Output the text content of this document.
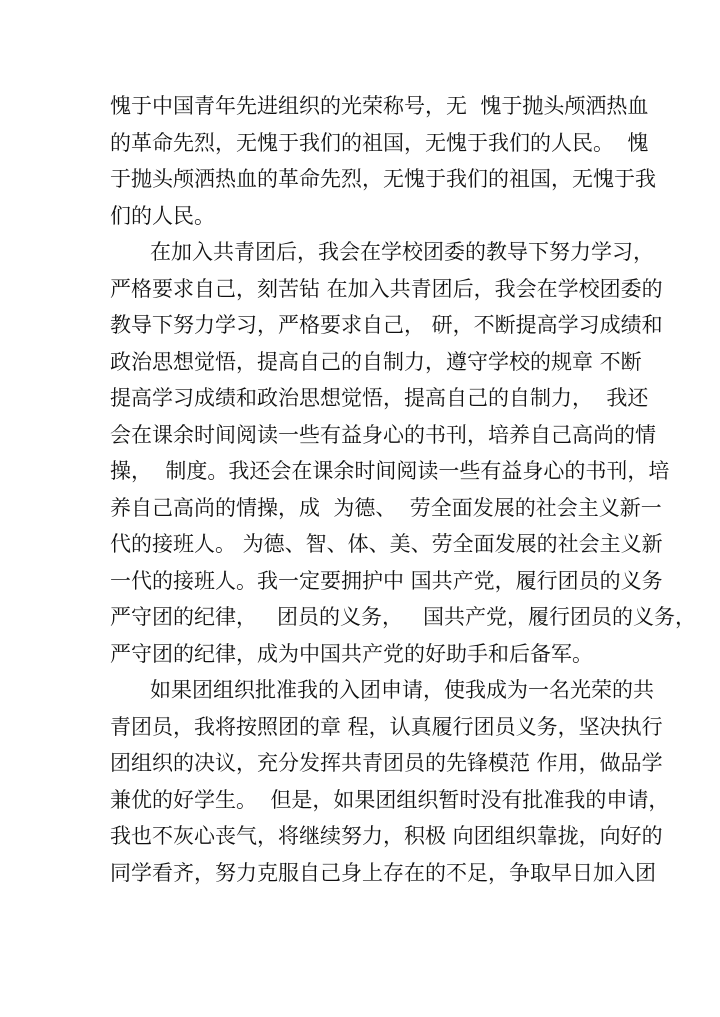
愧于中国青年先进组织的光荣称号，无  愧于抛头颅洒热血
的革命先烈，无愧于我们的祖国，无愧于我们的人民。  愧
于抛头颅洒热血的革命先烈，无愧于我们的祖国，无愧于我
们的人民。
在加入共青团后，我会在学校团委的教导下努力学习，
严格要求自己，刻苦钻 在加入共青团后，我会在学校团委的
教导下努力学习，严格要求自己， 研，不断提高学习成绩和
政治思想觉悟，提高自己的自制力，遵守学校的规章 不断
提高学习成绩和政治思想觉悟，提高自己的自制力，  我还
会在课余时间阅读一些有益身心的书刊，培养自己高尚的情
操，  制度。我还会在课余时间阅读一些有益身心的书刊，培
养自己高尚的情操，成  为德、  劳全面发展的社会主义新一
代的接班人。 为德、智、体、美、劳全面发展的社会主义新
一代的接班人。我一定要拥护中 国共产党，履行团员的义务
严守团的纪律，   团员的义务，   国共产党，履行团员的义务，
严守团的纪律，成为中国共产党的好助手和后备军。
如果团组织批准我的入团申请，使我成为一名光荣的共
青团员，我将按照团的章 程，认真履行团员义务，坚决执行
团组织的决议，充分发挥共青团员的先锋模范 作用，做品学
兼优的好学生。  但是，如果团组织暂时没有批准我的申请，
我也不灰心丧气，将继续努力，积极 向团组织靠拢，向好的
同学看齐，努力克服自己身上存在的不足，争取早日加入团
